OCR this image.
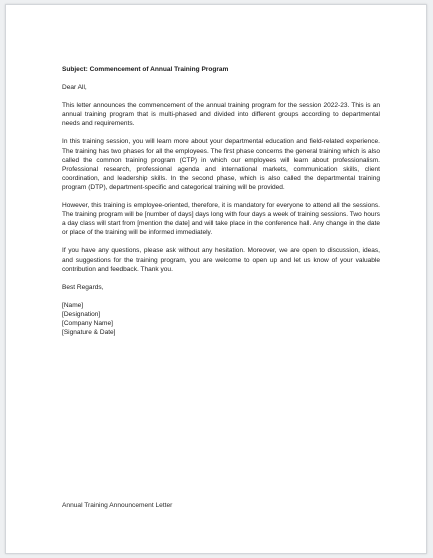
Subject: Commencement of Annual Training Program

Dear All,

This letter announces the commencement of the annual training program for the session 2022-23. This is an annual training program that is multi-phased and divided into different groups according to departmental needs and requirements.

In this training session, you will learn more about your departmental education and field-related experience. The training has two phases for all the employees. The first phase concerns the general training which is also called the common training program (CTP) in which our employees will learn about professionalism. Professional research, professional agenda and international markets, communication skills, client coordination, and leadership skills. In the second phase, which is also called the departmental training program (DTP), department-specific and categorical training will be provided.

However, this training is employee-oriented, therefore, it is mandatory for everyone to attend all the sessions. The training program will be [number of days] days long with four days a week of training sessions. Two hours a day class will start from [mention the date] and will take place in the conference hall. Any change in the date or place of the training will be informed immediately.

If you have any questions, please ask without any hesitation. Moreover, we are open to discussion, ideas, and suggestions for the training program, you are welcome to open up and let us know of your valuable contribution and feedback. Thank you.

Best Regards,

[Name]
[Designation]
[Company Name]
[Signature & Date]
Annual Training Announcement Letter
